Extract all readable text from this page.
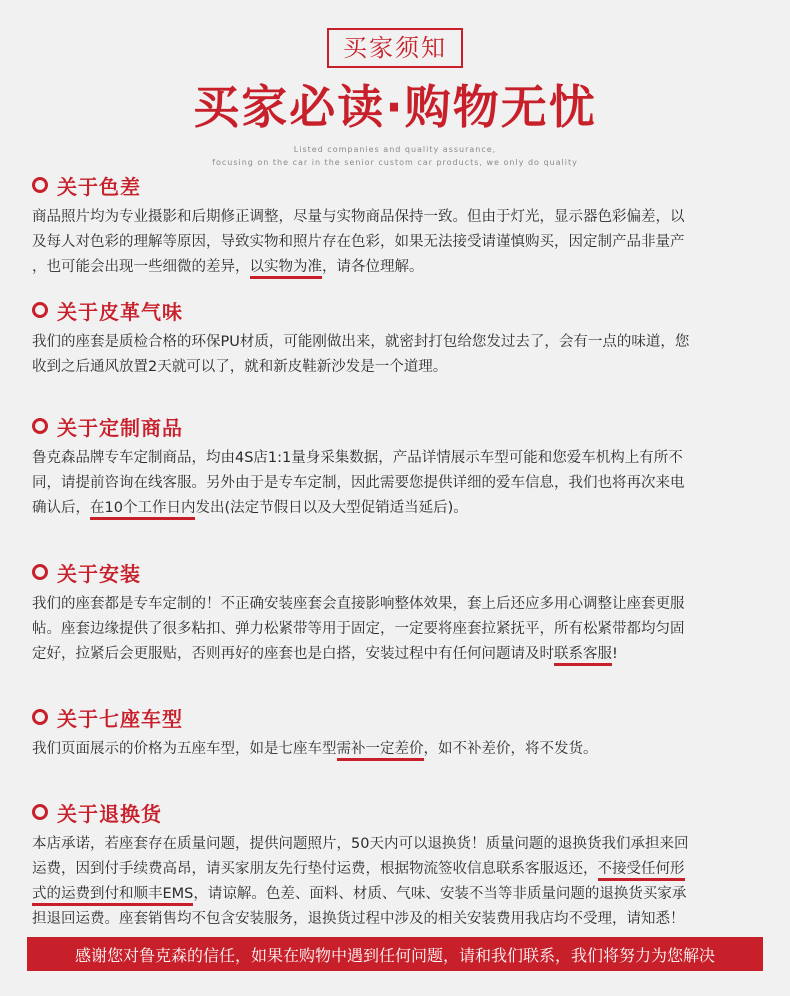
买家须知
买家必读·购物无忧
Listed companies and quality assurance,
focusing on the car in the senior custom car products, we only do quality
关于色差
商品照片均为专业摄影和后期修正调整，尽量与实物商品保持一致。但由于灯光，显示器色彩偏差，以
及每人对色彩的理解等原因，导致实物和照片存在色彩，如果无法接受请谨慎购买，因定制产品非量产
，也可能会出现一些细微的差异，以实物为准，请各位理解。
关于皮革气味
我们的座套是质检合格的环保PU材质，可能刚做出来，就密封打包给您发过去了，会有一点的味道，您
收到之后通风放置2天就可以了，就和新皮鞋新沙发是一个道理。
关于定制商品
鲁克森品牌专车定制商品，均由4S店1:1量身采集数据，产品详情展示车型可能和您爱车机构上有所不
同，请提前咨询在线客服。另外由于是专车定制，因此需要您提供详细的爱车信息，我们也将再次来电
确认后，在10个工作日内发出(法定节假日以及大型促销适当延后)。
关于安装
我们的座套都是专车定制的！不正确安装座套会直接影响整体效果，套上后还应多用心调整让座套更服
帖。座套边缘提供了很多粘扣、弹力松紧带等用于固定，一定要将座套拉紧抚平，所有松紧带都均匀固
定好，拉紧后会更服贴，否则再好的座套也是白搭，安装过程中有任何问题请及时联系客服!
关于七座车型
我们页面展示的价格为五座车型，如是七座车型需补一定差价，如不补差价，将不发货。
关于退换货
本店承诺，若座套存在质量问题，提供问题照片，50天内可以退换货！质量问题的退换货我们承担来回
运费，因到付手续费高昂，请买家朋友先行垫付运费，根据物流签收信息联系客服返还，不接受任何形
式的运费到付和顺丰EMS，请谅解。色差、面料、材质、气味、安装不当等非质量问题的退换货买家承
担退回运费。座套销售均不包含安装服务，退换货过程中涉及的相关安装费用我店均不受理，请知悉！
感谢您对鲁克森的信任，如果在购物中遇到任何问题，请和我们联系，我们将努力为您解决
